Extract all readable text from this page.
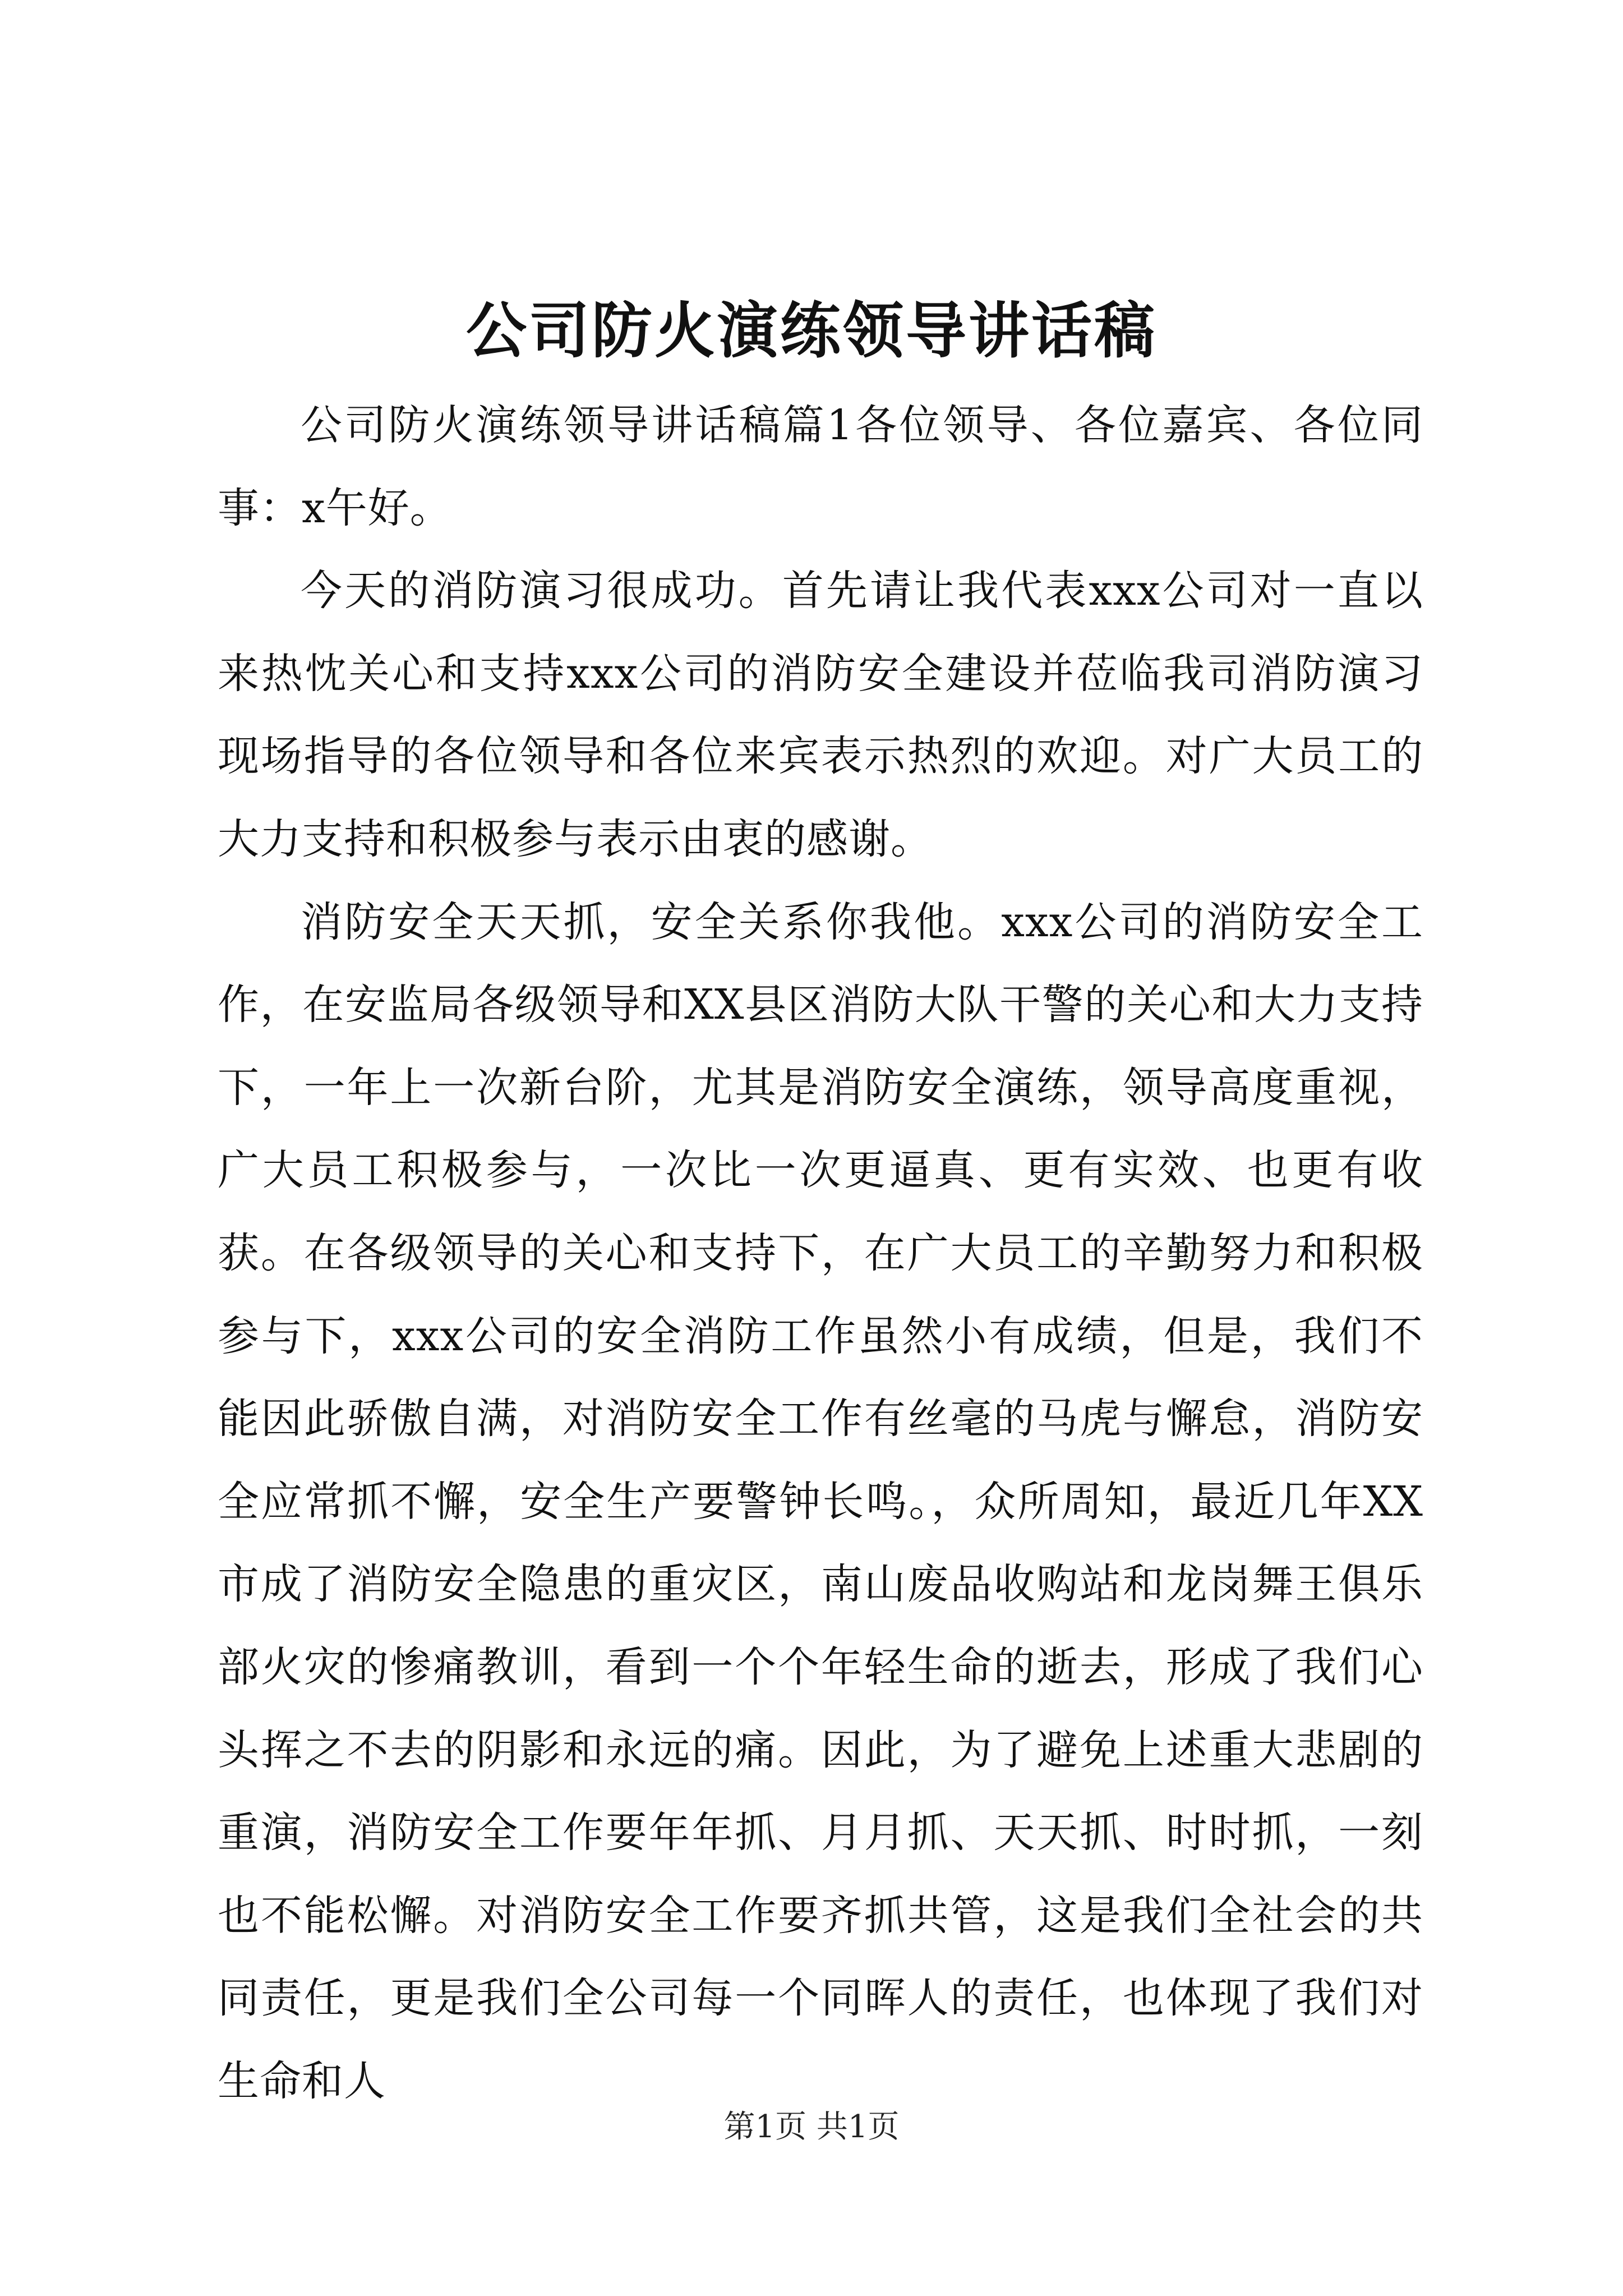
公司防火演练领导讲话稿

公司防火演练领导讲话稿篇1各位领导、各位嘉宾、各位同事：x午好。

今天的消防演习很成功。首先请让我代表xxx公司对一直以来热忱关心和支持xxx公司的消防安全建设并莅临我司消防演习现场指导的各位领导和各位来宾表示热烈的欢迎。对广大员工的大力支持和积极参与表示由衷的感谢。

消防安全天天抓，安全关系你我他。xxx公司的消防安全工作，在安监局各级领导和XX县区消防大队干警的关心和大力支持下，一年上一次新台阶，尤其是消防安全演练，领导高度重视，广大员工积极参与，一次比一次更逼真、更有实效、也更有收获。在各级领导的关心和支持下，在广大员工的辛勤努力和积极参与下，xxx公司的安全消防工作虽然小有成绩，但是，我们不能因此骄傲自满，对消防安全工作有丝毫的马虎与懈怠，消防安全应常抓不懈，安全生产要警钟长鸣。，众所周知，最近几年XX市成了消防安全隐患的重灾区，南山废品收购站和龙岗舞王俱乐部火灾的惨痛教训，看到一个个年轻生命的逝去，形成了我们心头挥之不去的阴影和永远的痛。因此，为了避免上述重大悲剧的重演，消防安全工作要年年抓、月月抓、天天抓、时时抓，一刻也不能松懈。对消防安全工作要齐抓共管，这是我们全社会的共同责任，更是我们全公司每一个同晖人的责任，也体现了我们对生命和人

第1页 共1页
